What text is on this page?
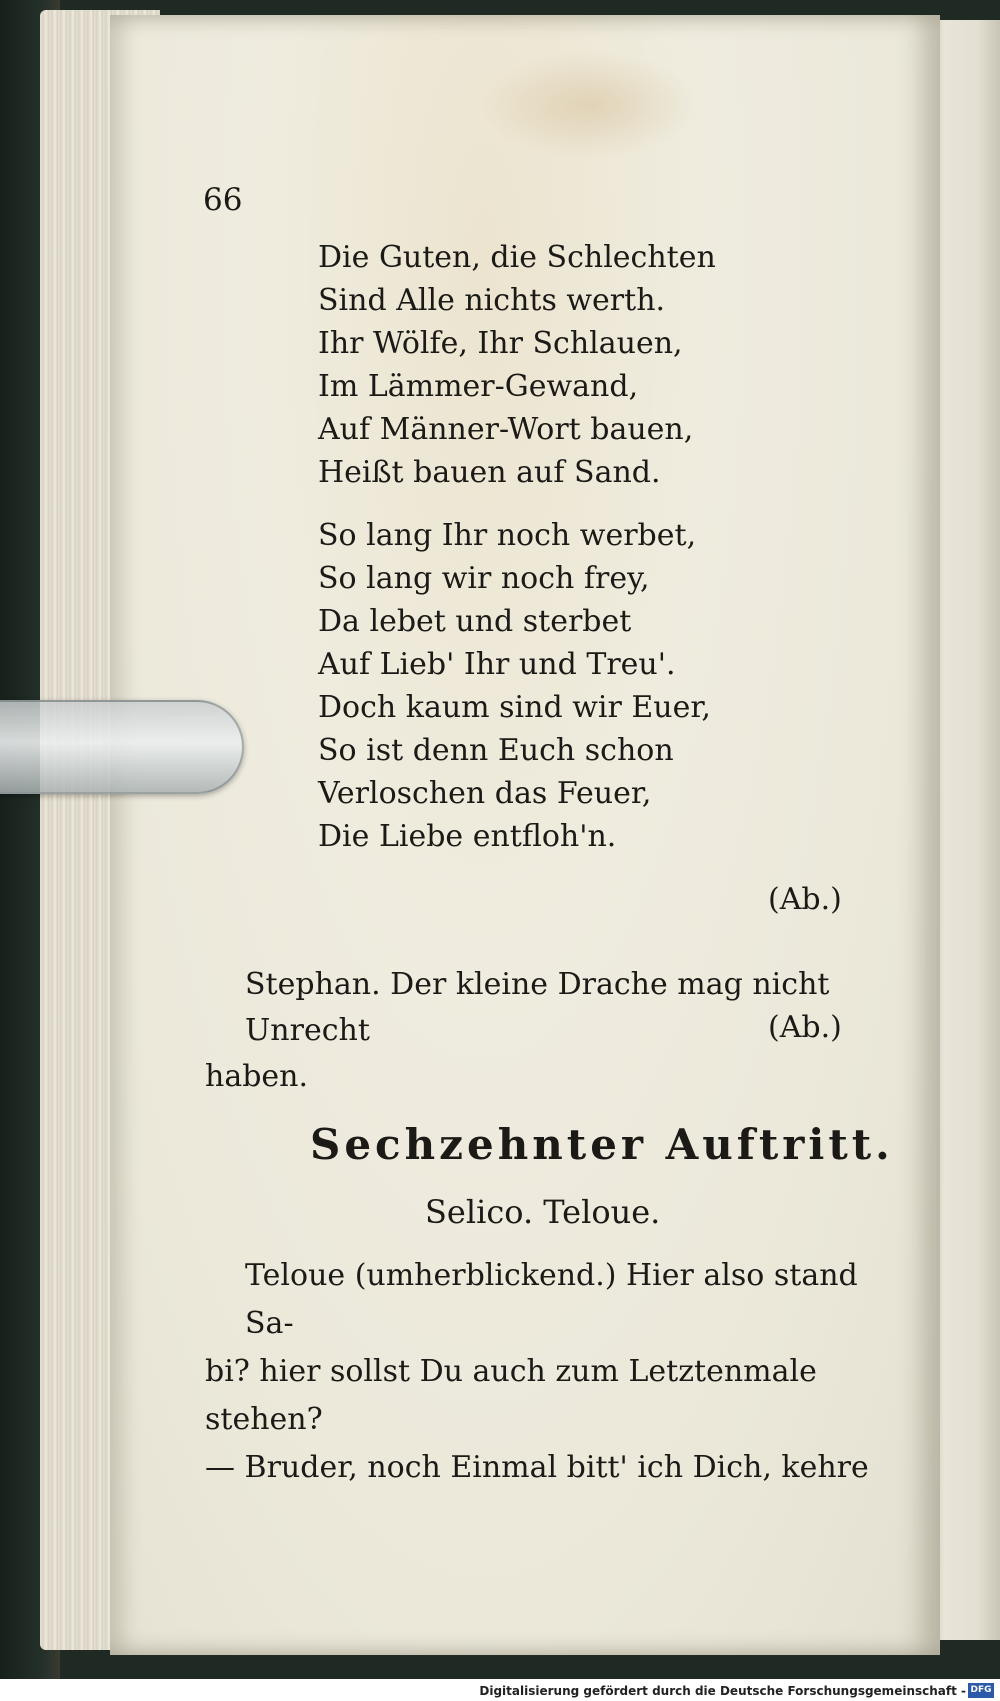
66
Die Guten, die Schlechten
Sind Alle nichts werth.
Ihr Wölfe, Ihr Schlauen,
Im Lämmer-Gewand,
Auf Männer-Wort bauen,
Heißt bauen auf Sand.
So lang Ihr noch werbet,
So lang wir noch frey,
Da lebet und sterbet
Auf Lieb' Ihr und Treu'.
Doch kaum sind wir Euer,
So ist denn Euch schon
Verloschen das Feuer,
Die Liebe entfloh'n.
(Ab.)
Stephan. Der kleine Drache mag nicht Unrecht
haben.
(Ab.)
Sechzehnter Auftritt.
Selico. Teloue.
Teloue (umherblickend.) Hier also stand Sa-
bi? hier sollst Du auch zum Letztenmale stehen?
— Bruder, noch Einmal bitt' ich Dich, kehre
Digitalisierung gefördert durch die Deutsche Forschungsgemeinschaft - DFG
